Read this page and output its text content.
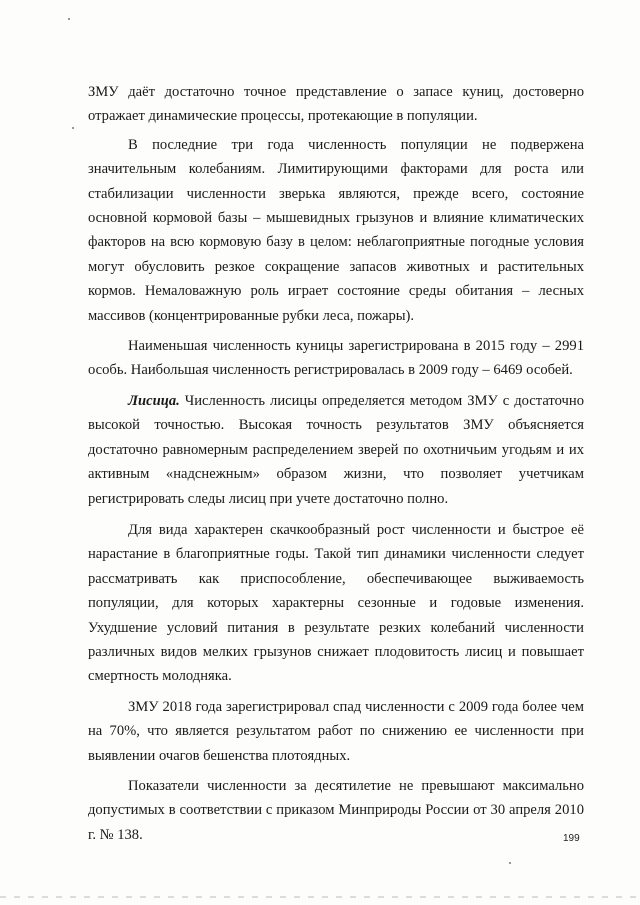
ЗМУ даёт достаточно точное представление о запасе куниц, достоверно отражает динамические процессы, протекающие в популяции.

В последние три года численность популяции не подвержена значительным колебаниям. Лимитирующими факторами для роста или стабилизации численности зверька являются, прежде всего, состояние основной кормовой базы – мышевидных грызунов и влияние климатических факторов на всю кормовую базу в целом: неблагоприятные погодные условия могут обусловить резкое сокращение запасов животных и растительных кормов. Немаловажную роль играет состояние среды обитания – лесных массивов (концентрированные рубки леса, пожары).

Наименьшая численность куницы зарегистрирована в 2015 году – 2991 особь. Наибольшая численность регистрировалась в 2009 году – 6469 особей.

Лисица. Численность лисицы определяется методом ЗМУ с достаточно высокой точностью. Высокая точность результатов ЗМУ объясняется достаточно равномерным распределением зверей по охотничьим угодьям и их активным «надснежным» образом жизни, что позволяет учетчикам регистрировать следы лисиц при учете достаточно полно.

Для вида характерен скачкообразный рост численности и быстрое её нарастание в благоприятные годы. Такой тип динамики численности следует рассматривать как приспособление, обеспечивающее выживаемость популяции, для которых характерны сезонные и годовые изменения. Ухудшение условий питания в результате резких колебаний численности различных видов мелких грызунов снижает плодовитость лисиц и повышает смертность молодняка.

ЗМУ 2018 года зарегистрировал спад численности с 2009 года более чем на 70%, что является результатом работ по снижению ее численности при выявлении очагов бешенства плотоядных.

Показатели численности за десятилетие не превышают максимально допустимых в соответствии с приказом Минприроды России от 30 апреля 2010 г. № 138.	199
